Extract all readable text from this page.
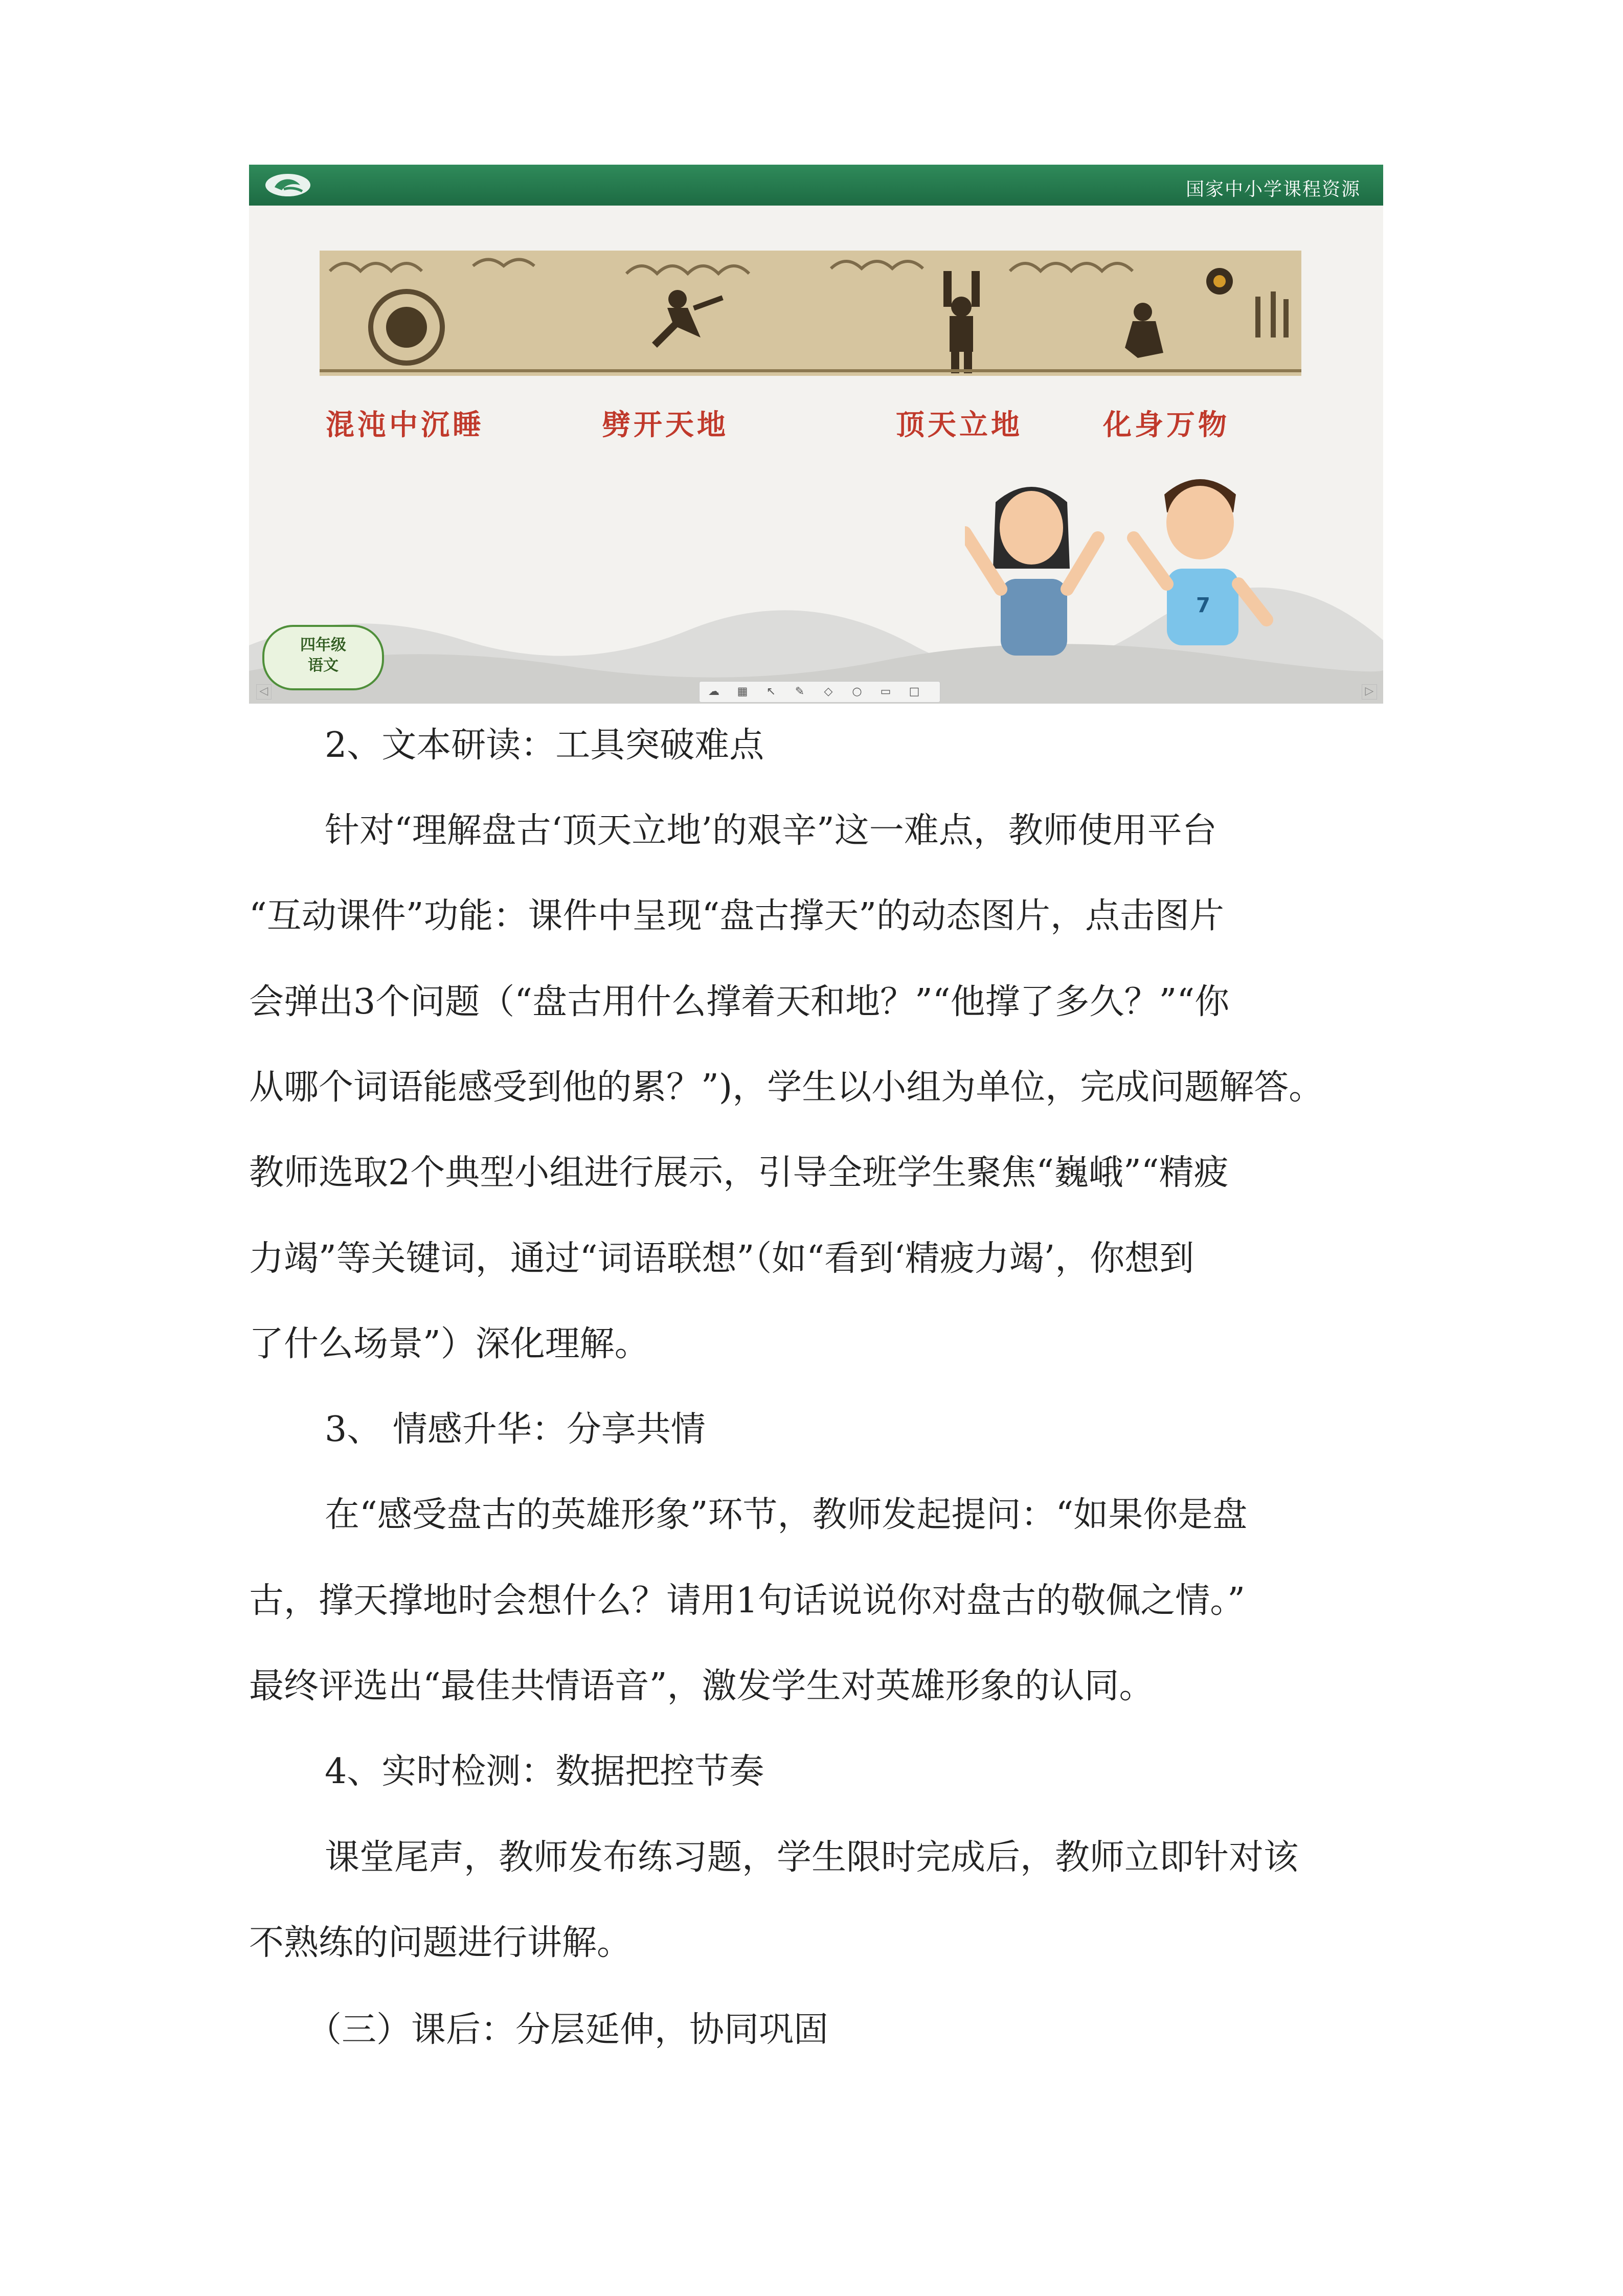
国家中小学课程资源
混沌中沉睡	劈开天地	顶天立地	化身万物
7
四年级
语文
☁ ▦ ↖ ✎ ◇ ○ ▭ □
◁	▷
2、文本研读：工具突破难点
针对“理解盘古‘顶天立地’的艰辛”这一难点，教师使用平台
“互动课件”功能：课件中呈现“盘古撑天”的动态图片，点击图片
会弹出3个问题（“盘古用什么撑着天和地？”“他撑了多久？”“你
从哪个词语能感受到他的累？”)，学生以小组为单位，完成问题解答。
教师选取2个典型小组进行展示，引导全班学生聚焦“巍峨”“精疲
力竭”等关键词，通过“词语联想”（如“看到‘精疲力竭’，你想到
了什么场景”）深化理解。
3、 情感升华：分享共情
在“感受盘古的英雄形象”环节，教师发起提问：“如果你是盘
古，撑天撑地时会想什么？请用1句话说说你对盘古的敬佩之情。”
最终评选出“最佳共情语音”，激发学生对英雄形象的认同。
4、实时检测：数据把控节奏
课堂尾声，教师发布练习题，学生限时完成后，教师立即针对该
不熟练的问题进行讲解。
（三）课后：分层延伸，协同巩固
